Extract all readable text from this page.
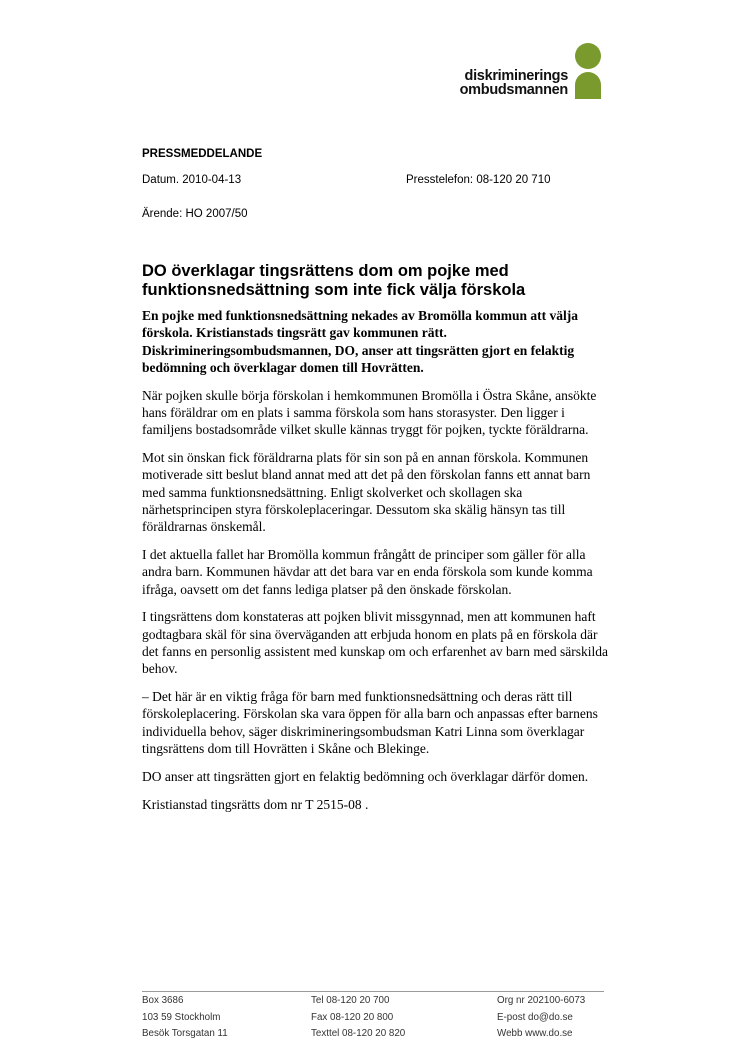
diskriminerings
ombudsmannen
PRESSMEDDELANDE
Datum. 2010-04-13	Presstelefon: 08-120 20 710
Ärende: HO 2007/50
DO överklagar tingsrättens dom om pojke med funktionsnedsättning som inte fick välja förskola

En pojke med funktionsnedsättning nekades av Bromölla kommun att välja förskola. Kristianstads tingsrätt gav kommunen rätt. Diskrimineringsombudsmannen, DO, anser att tingsrätten gjort en felaktig bedömning och överklagar domen till Hovrätten.

När pojken skulle börja förskolan i hemkommunen Bromölla i Östra Skåne, ansökte hans föräldrar om en plats i samma förskola som hans storasyster. Den ligger i familjens bostadsområde vilket skulle kännas tryggt för pojken, tyckte föräldrarna.

Mot sin önskan fick föräldrarna plats för sin son på en annan förskola. Kommunen motiverade sitt beslut bland annat med att det på den förskolan fanns ett annat barn med samma funktionsnedsättning. Enligt skolverket och skollagen ska närhetsprincipen styra förskoleplaceringar. Dessutom ska skälig hänsyn tas till föräldrarnas önskemål.

I det aktuella fallet har Bromölla kommun frångått de principer som gäller för alla andra barn. Kommunen hävdar att det bara var en enda förskola som kunde komma ifråga, oavsett om det fanns lediga platser på den önskade förskolan.

I tingsrättens dom konstateras att pojken blivit missgynnad, men att kommunen haft godtagbara skäl för sina överväganden att erbjuda honom en plats på en förskola där det fanns en personlig assistent med kunskap om och erfarenhet av barn med särskilda behov.

– Det här är en viktig fråga för barn med funktionsnedsättning och deras rätt till förskoleplacering. Förskolan ska vara öppen för alla barn och anpassas efter barnens individuella behov, säger diskrimineringsombudsman Katri Linna som överklagar tingsrättens dom till Hovrätten i Skåne och Blekinge.

DO anser att tingsrätten gjort en felaktig bedömning och överklagar därför domen.

Kristianstad tingsrätts dom nr T 2515-08 .

Box 3686
103 59 Stockholm
Besök Torsgatan 11
Tel 08-120 20 700
Fax 08-120 20 800
Texttel 08-120 20 820
Org nr 202100-6073
E-post do@do.se
Webb www.do.se
